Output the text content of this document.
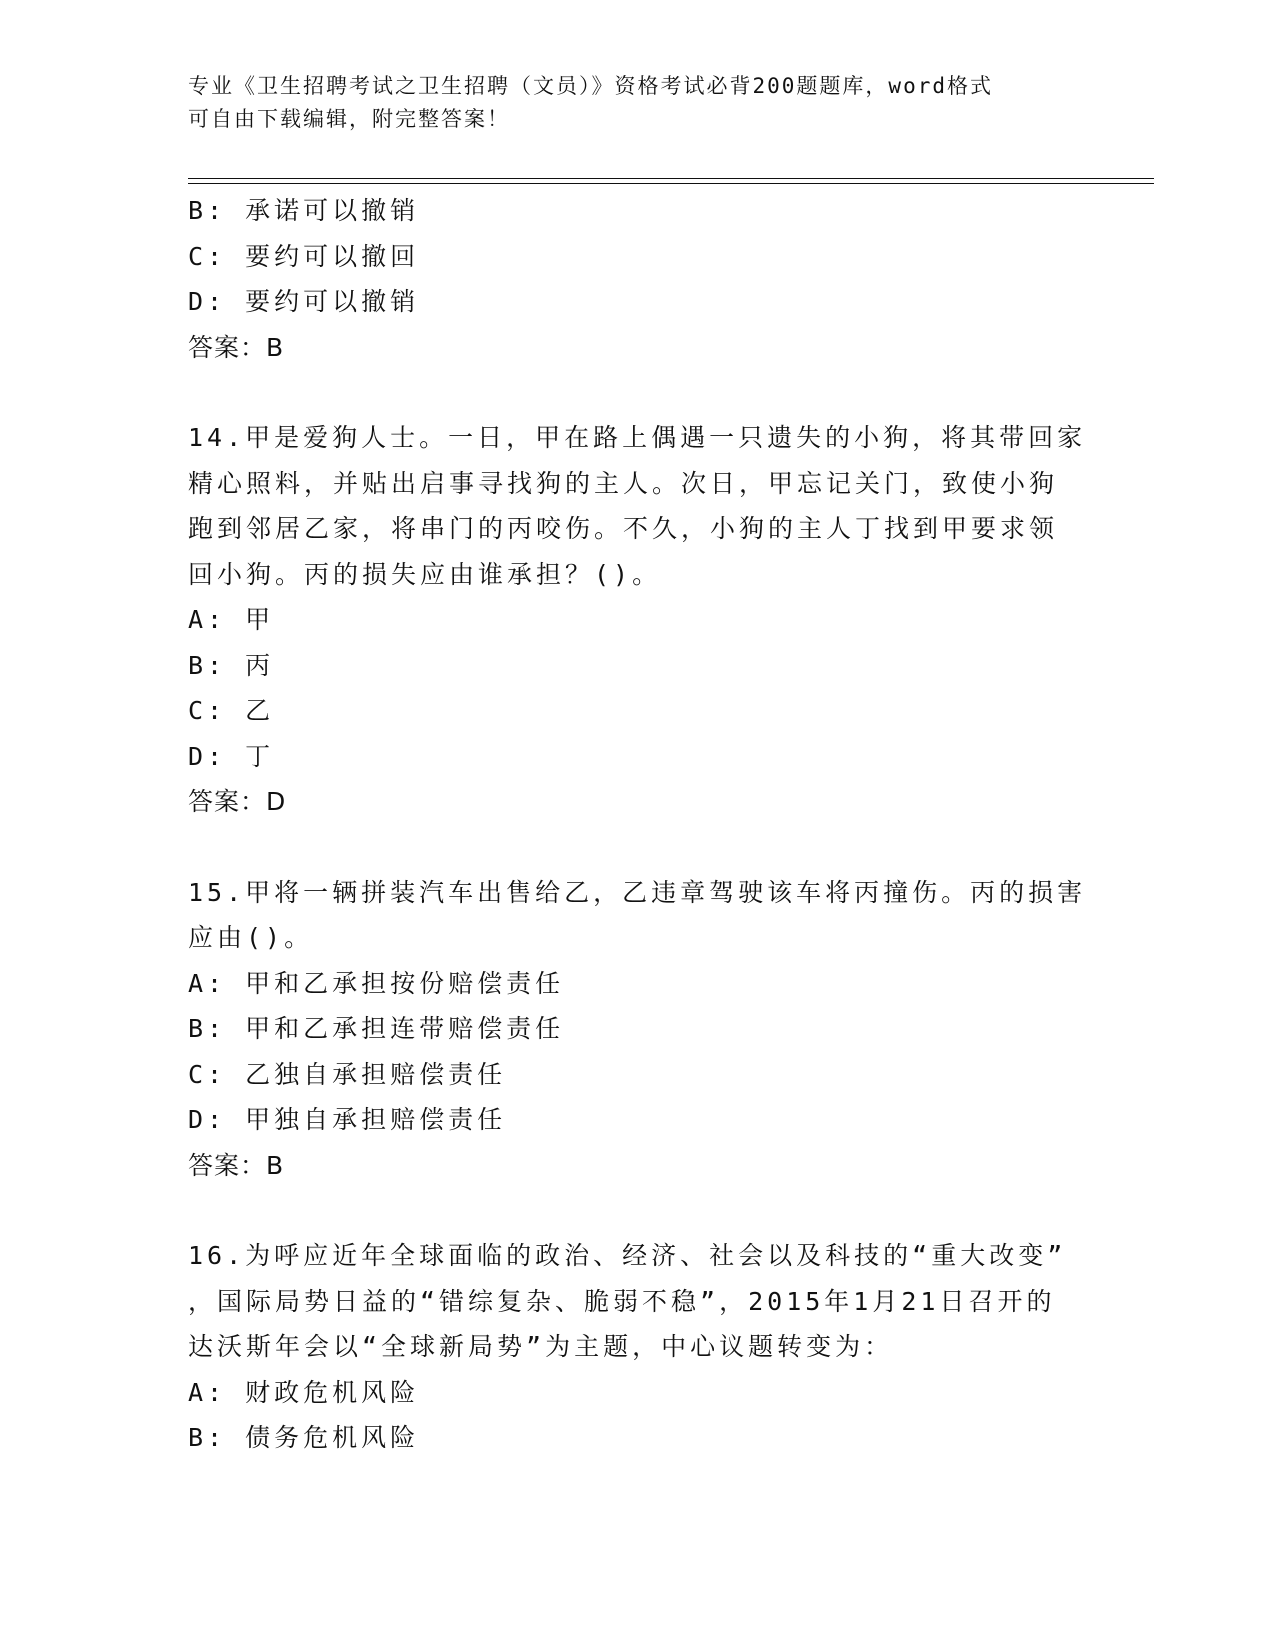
专业《卫生招聘考试之卫生招聘（文员）》资格考试必背200题题库，word格式
可自由下载编辑，附完整答案！
B: 承诺可以撤销
C: 要约可以撤回
D: 要约可以撤销
答案：B
14.甲是爱狗人士。一日，甲在路上偶遇一只遗失的小狗，将其带回家
精心照料，并贴出启事寻找狗的主人。次日，甲忘记关门，致使小狗
跑到邻居乙家，将串门的丙咬伤。不久，小狗的主人丁找到甲要求领
回小狗。丙的损失应由谁承担？()。
A: 甲
B: 丙
C: 乙
D: 丁
答案：D
15.甲将一辆拼装汽车出售给乙，乙违章驾驶该车将丙撞伤。丙的损害
应由()。
A: 甲和乙承担按份赔偿责任
B: 甲和乙承担连带赔偿责任
C: 乙独自承担赔偿责任
D: 甲独自承担赔偿责任
答案：B
16.为呼应近年全球面临的政治、经济、社会以及科技的“重大改变”
，国际局势日益的“错综复杂、脆弱不稳”，2015年1月21日召开的
达沃斯年会以“全球新局势”为主题，中心议题转变为：
A: 财政危机风险
B: 债务危机风险
